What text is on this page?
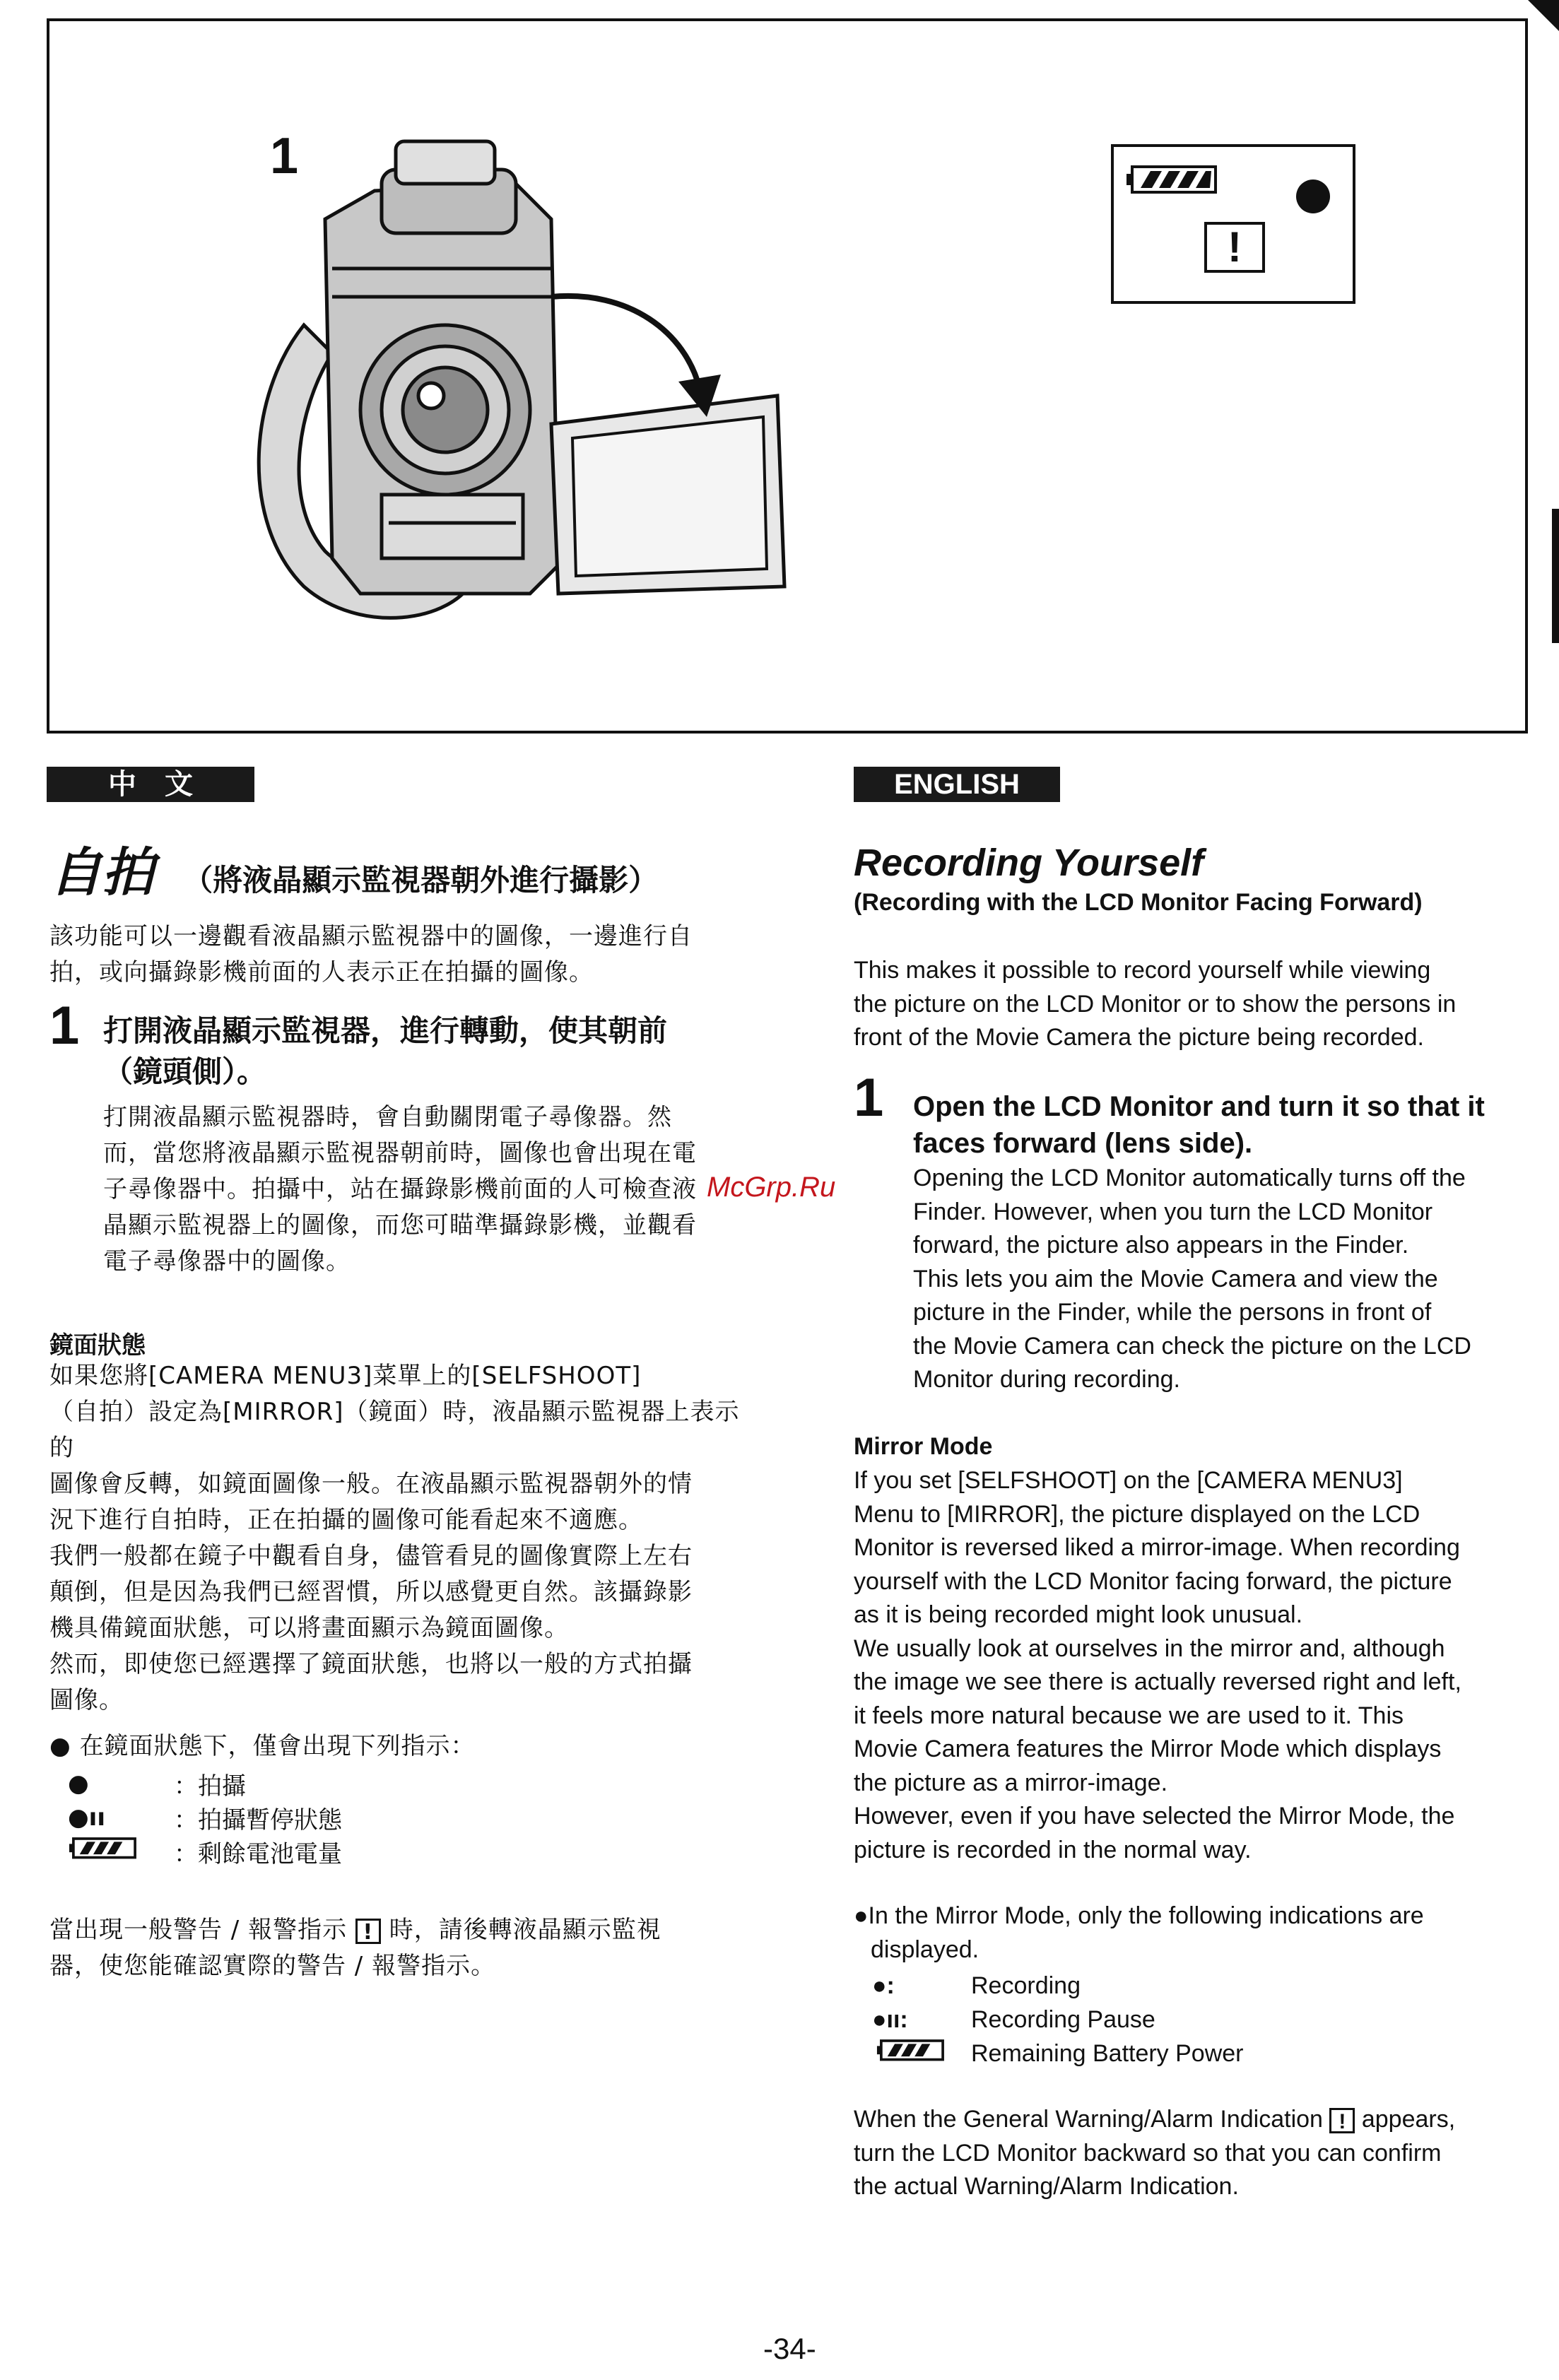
1
!
中　文
自拍 （將液晶顯示監視器朝外進行攝影）
該功能可以一邊觀看液晶顯示監視器中的圖像，一邊進行自
拍，或向攝錄影機前面的人表示正在拍攝的圖像。
1 打開液晶顯示監視器，進行轉動，使其朝前
（鏡頭側）。
打開液晶顯示監視器時，會自動關閉電子尋像器。然
而，當您將液晶顯示監視器朝前時，圖像也會出現在電
子尋像器中。拍攝中，站在攝錄影機前面的人可檢查液
晶顯示監視器上的圖像，而您可瞄準攝錄影機，並觀看
電子尋像器中的圖像。
鏡面狀態
如果您將[CAMERA MENU3]菜單上的[SELFSHOOT]
（自拍）設定為[MIRROR]（鏡面）時，液晶顯示監視器上表示的
圖像會反轉，如鏡面圖像一般。在液晶顯示監視器朝外的情
況下進行自拍時，正在拍攝的圖像可能看起來不適應。
我們一般都在鏡子中觀看自身，儘管看見的圖像實際上左右
顛倒，但是因為我們已經習慣，所以感覺更自然。該攝錄影
機具備鏡面狀態，可以將畫面顯示為鏡面圖像。
然而，即使您已經選擇了鏡面狀態，也將以一般的方式拍攝
圖像。
● 在鏡面狀態下，僅會出現下列指示：
●	：拍攝
●ıı	：拍攝暫停狀態
：剩餘電池電量
當出現一般警告 / 報警指示 ! 時，請後轉液晶顯示監視
器，使您能確認實際的警告 / 報警指示。
ENGLISH
Recording Yourself
(Recording with the LCD Monitor Facing Forward)
This makes it possible to record yourself while viewing
the picture on the LCD Monitor or to show the persons in
front of the Movie Camera the picture being recorded.
1 Open the LCD Monitor and turn it so that it
faces forward (lens side).
Opening the LCD Monitor automatically turns off the
Finder. However, when you turn the LCD Monitor
forward, the picture also appears in the Finder.
This lets you aim the Movie Camera and view the
picture in the Finder, while the persons in front of
the Movie Camera can check the picture on the LCD
Monitor during recording.
Mirror Mode
If you set [SELFSHOOT] on the [CAMERA MENU3]
Menu to [MIRROR], the picture displayed on the LCD
Monitor is reversed liked a mirror-image. When recording
yourself with the LCD Monitor facing forward, the picture
as it is being recorded might look unusual.
We usually look at ourselves in the mirror and, although
the image we see there is actually reversed right and left,
it feels more natural because we are used to it. This
Movie Camera features the Mirror Mode which displays
the picture as a mirror-image.
However, even if you have selected the Mirror Mode, the
picture is recorded in the normal way.
●In the Mirror Mode, only the following indications are
displayed.
●:	Recording
●ıı:	Recording Pause
Remaining Battery Power
When the General Warning/Alarm Indication ! appears,
turn the LCD Monitor backward so that you can confirm
the actual Warning/Alarm Indication.
McGrp.Ru
-34-
